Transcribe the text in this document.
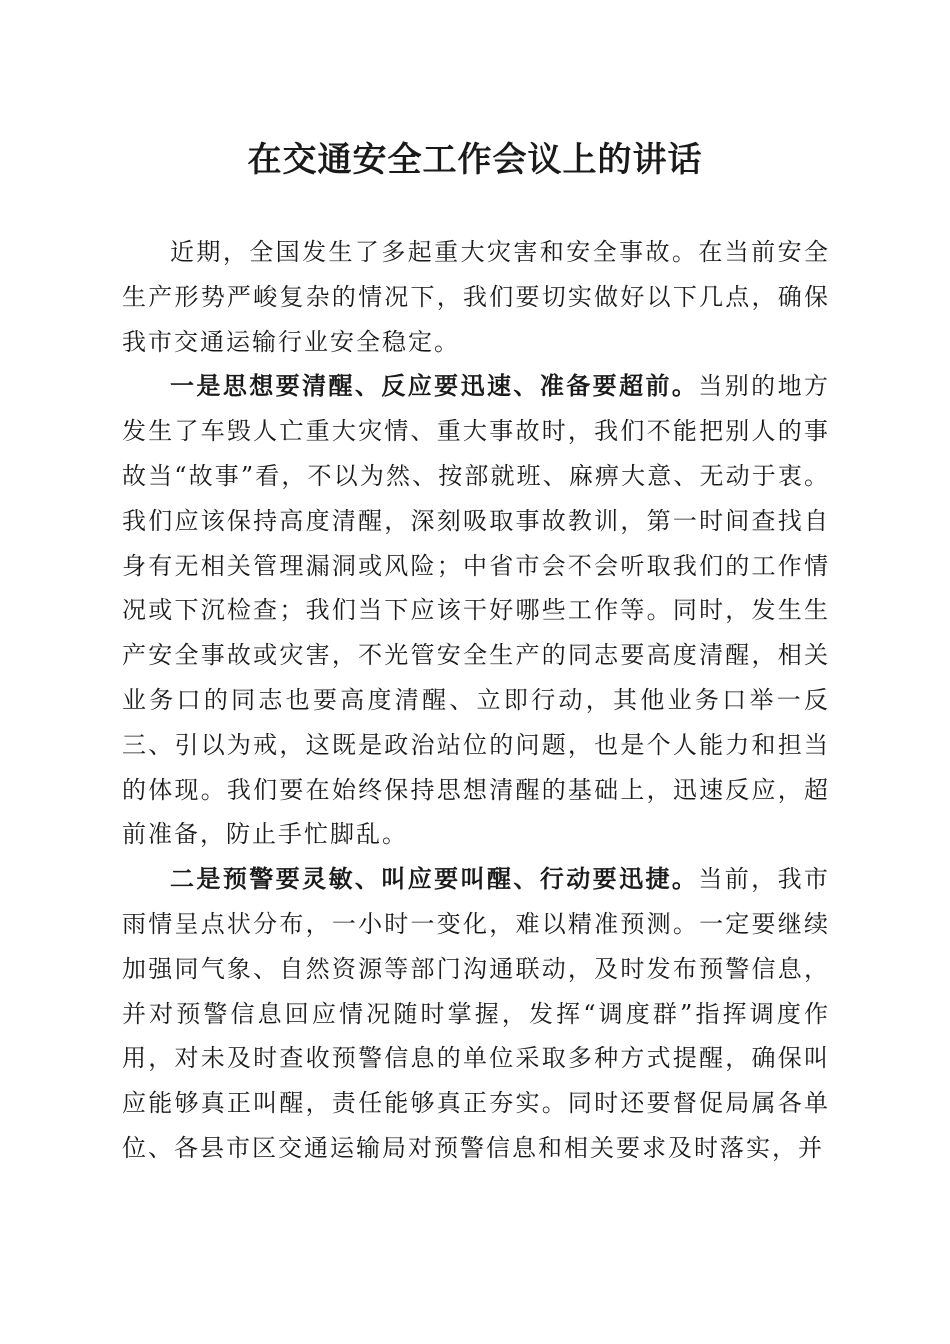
在交通安全工作会议上的讲话

近期，全国发生了多起重大灾害和安全事故。在当前安全生产形势严峻复杂的情况下，我们要切实做好以下几点，确保我市交通运输行业安全稳定。

一是思想要清醒、反应要迅速、准备要超前。当别的地方发生了车毁人亡重大灾情、重大事故时，我们不能把别人的事故当“故事”看，不以为然、按部就班、麻痹大意、无动于衷。我们应该保持高度清醒，深刻吸取事故教训，第一时间查找自身有无相关管理漏洞或风险；中省市会不会听取我们的工作情况或下沉检查；我们当下应该干好哪些工作等。同时，发生生产安全事故或灾害，不光管安全生产的同志要高度清醒，相关业务口的同志也要高度清醒、立即行动，其他业务口举一反三、引以为戒，这既是政治站位的问题，也是个人能力和担当的体现。我们要在始终保持思想清醒的基础上，迅速反应，超前准备，防止手忙脚乱。

二是预警要灵敏、叫应要叫醒、行动要迅捷。当前，我市雨情呈点状分布，一小时一变化，难以精准预测。一定要继续加强同气象、自然资源等部门沟通联动，及时发布预警信息，并对预警信息回应情况随时掌握，发挥“调度群”指挥调度作用，对未及时查收预警信息的单位采取多种方式提醒，确保叫应能够真正叫醒，责任能够真正夯实。同时还要督促局属各单位、各县市区交通运输局对预警信息和相关要求及时落实，并
